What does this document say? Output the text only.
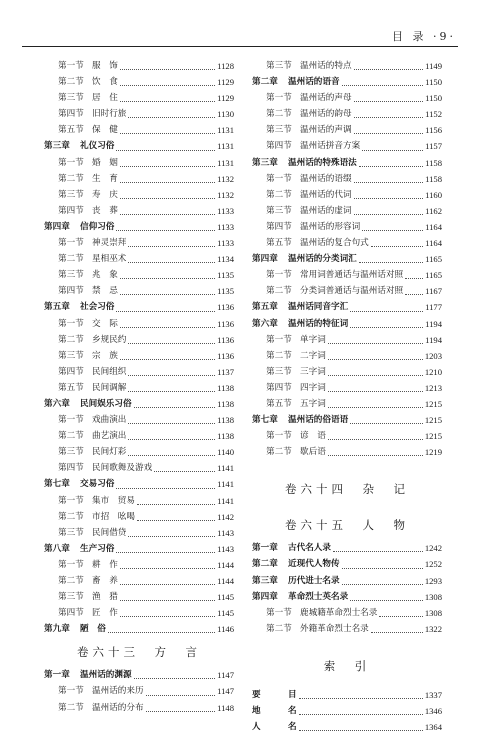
目 录 ·9·
第一节 服　饰	1128
第二节 饮　食	1129
第三节 居　住	1129
第四节 旧时行旅	1130
第五节 保　健	1131
第三章	礼仪习俗	1131
第一节 婚　姻	1131
第二节 生　育	1132
第三节 寿　庆	1132
第四节 丧　葬	1133
第四章	信仰习俗	1133
第一节 神灵崇拜	1133
第二节 星相巫术	1134
第三节 兆　象	1135
第四节 禁　忌	1135
第五章	社会习俗	1136
第一节 交　际	1136
第二节 乡规民约	1136
第三节 宗　族	1136
第四节 民间组织	1137
第五节 民间调解	1138
第六章	民间娱乐习俗	1138
第一节 戏曲演出	1138
第二节 曲艺演出	1138
第三节 民间灯彩	1140
第四节 民间歌舞及游戏	1141
第七章	交易习俗	1141
第一节 集市　贸易	1141
第二节 市招　吆喝	1142
第三节 民间借贷	1143
第八章	生产习俗	1143
第一节 耕　作	1144
第二节 畜　养	1144
第三节 渔　猎	1145
第四节 匠　作	1145
第九章	陋　俗	1146
卷六十三　方　言
第一章	温州话的渊源	1147
第一节 温州话的来历	1147
第二节 温州话的分布	1148
第三节 温州话的特点	1149
第二章	温州话的语音	1150
第一节 温州话的声母	1150
第二节 温州话的韵母	1152
第三节 温州话的声调	1156
第四节 温州话拼音方案	1157
第三章	温州话的特殊语法	1158
第一节 温州话的语缀	1158
第二节 温州话的代词	1160
第三节 温州话的虚词	1162
第四节 温州话的形容词	1164
第五节 温州话的复合句式	1164
第四章	温州话的分类词汇	1165
第一节 常用词普通话与温州话对照	1165
第二节 分类词普通话与温州话对照	1167
第五章	温州话同音字汇	1177
第六章	温州话的特征词	1194
第一节 单字词	1194
第二节 二字词	1203
第三节 三字词	1210
第四节 四字词	1213
第五节 五字词	1215
第七章	温州话的俗语语	1215
第一节 谚　语	1215
第二节 歇后语	1219
卷六十四　杂　记
卷六十五　人　物
第一章	古代名人录	1242
第二章	近现代人物传	1252
第三章	历代进士名录	1293
第四章	革命烈士英名录	1308
第一节 鹿城籍革命烈士名录	1308
第二节 外籍革命烈士名录	1322
索　引
要	目	1337
地	名	1346
人	名	1364
